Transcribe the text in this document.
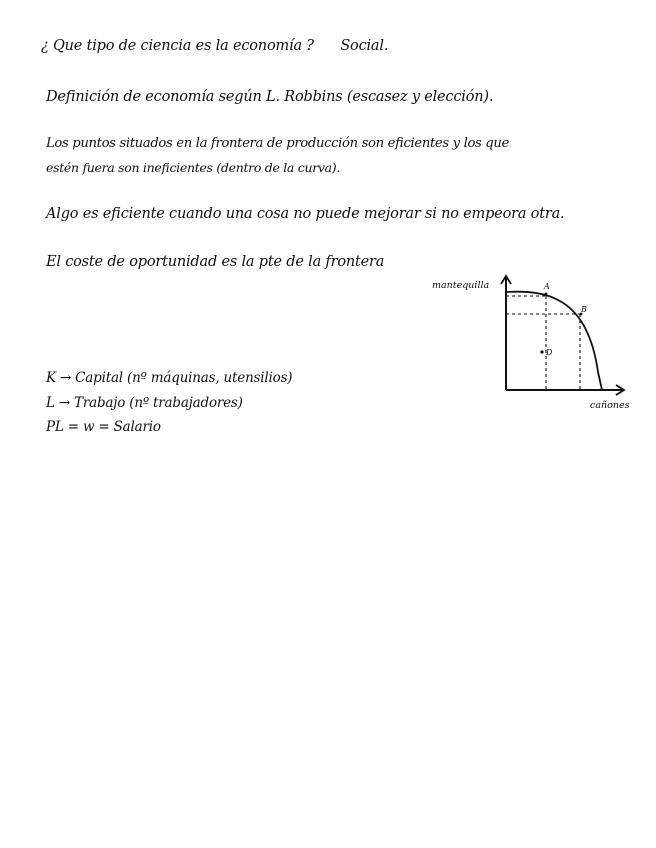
¿ Que tipo de ciencia es la economía ? Social.
Definición de economía según L. Robbins (escasez y elección).
Los puntos situados en la frontera de producción son eficientes y los que
estén fuera son ineficientes (dentro de la curva).
Algo es eficiente cuando una cosa no puede mejorar si no empeora otra.
El coste de oportunidad es la pte de la frontera
K → Capital (nº máquinas, utensilios)
L → Trabajo (nº trabajadores)
PL = w = Salario
A
B
D
mantequilla
cañones
